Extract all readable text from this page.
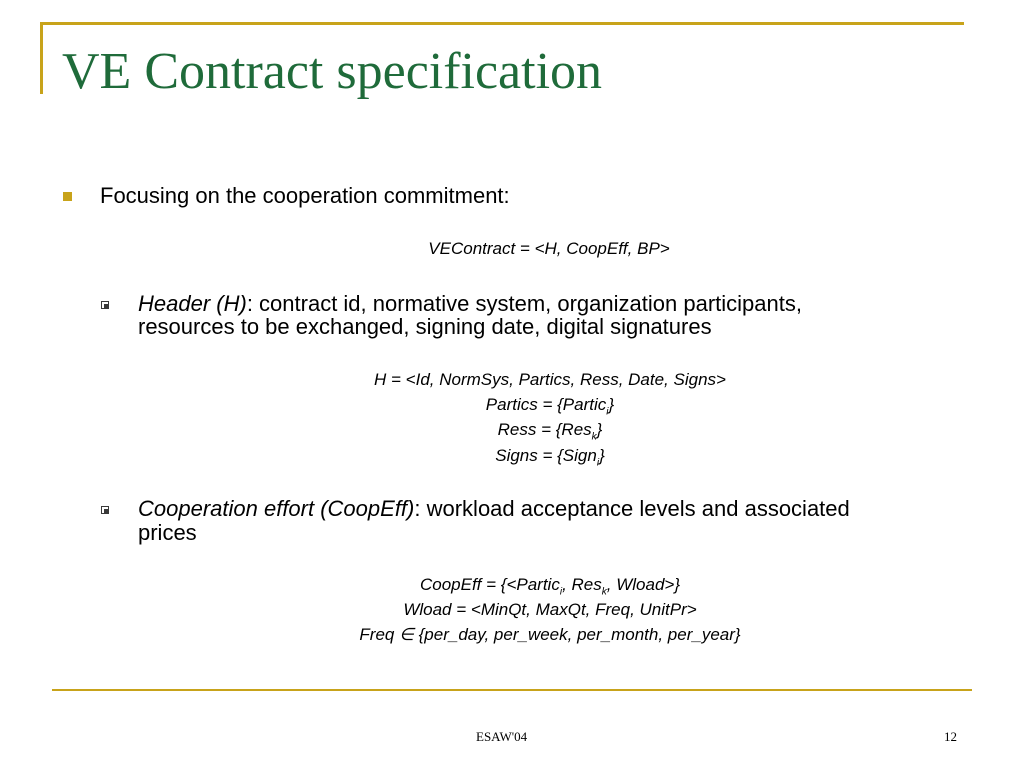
VE Contract specification
Focusing on the cooperation commitment:
VEContract = <H, CoopEff, BP>
Header (H): contract id, normative system, organization participants,
resources to be exchanged, signing date, digital signatures
H = <Id, NormSys, Partics, Ress, Date, Signs>
Partics = {Partic$_i$}
Ress = {Res$_k$}
Signs = {Sign$_i$}
Cooperation effort (CoopEff): workload acceptance levels and associated
prices
CoopEff = {<Partic$_i$, Res$_k$, Wload>}
Wload = <MinQt, MaxQt, Freq, UnitPr>
Freq ∈ {per_day, per_week, per_month, per_year}
ESAW'04	12
